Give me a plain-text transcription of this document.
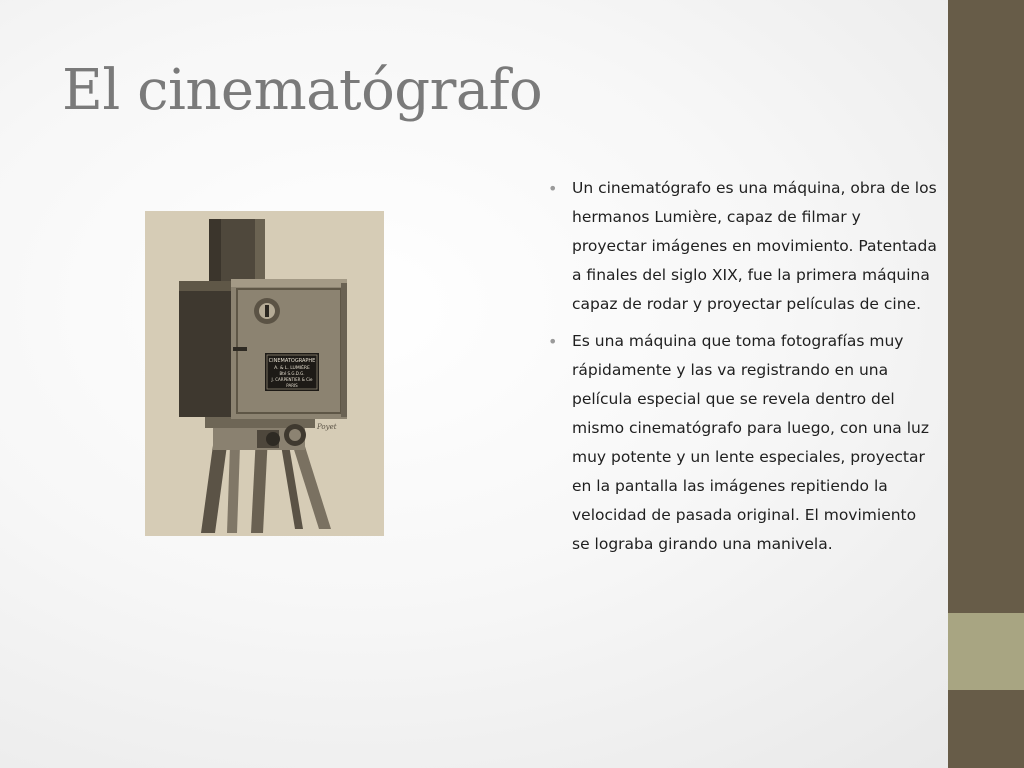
El cinematógrafo
CINEMATOGRAPHE
A. & L. LUMIÈRE
Bté S.G.D.G.
J. CARPENTIER & Cie
PARIS
Poyet
• Un cinematógrafo es una máquina, obra de los hermanos Lumière, capaz de filmar y proyectar imágenes en movimiento. Patentada a finales del siglo XIX, fue la primera máquina capaz de rodar y proyectar películas de cine.
• Es una máquina que toma fotografías muy rápidamente y las va registrando en una película especial que se revela dentro del mismo cinematógrafo para luego, con una luz muy potente y un lente especiales, proyectar en la pantalla las imágenes repitiendo la velocidad de pasada original. El movimiento se lograba girando una manivela.
